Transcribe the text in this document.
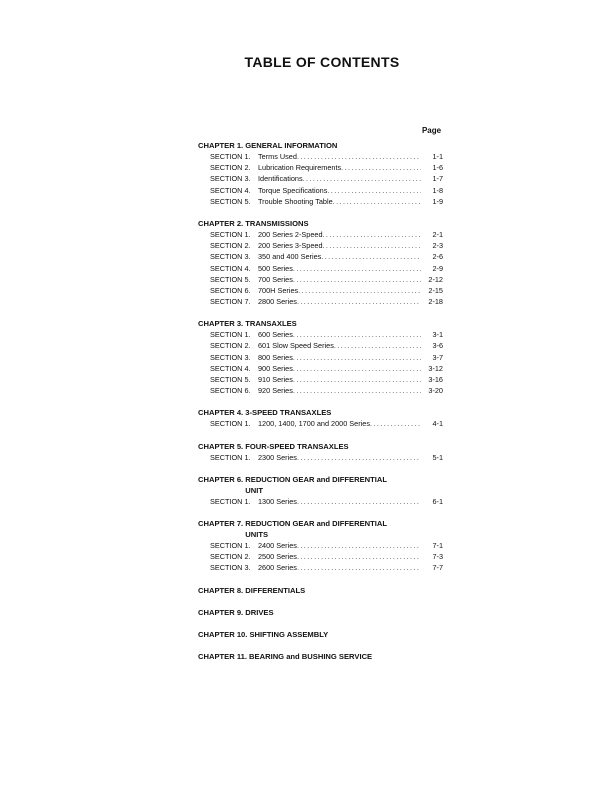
TABLE OF CONTENTS
Page
CHAPTER 1. GENERAL INFORMATION
SECTION 1.	Terms Used .....	1-1
SECTION 2.	Lubrication Requirements .....	1-6
SECTION 3.	Identifications .....	1-7
SECTION 4.	Torque Specifications .....	1-8
SECTION 5.	Trouble Shooting Table .....	1-9
CHAPTER 2. TRANSMISSIONS
SECTION 1.	200 Series 2-Speed .....	2-1
SECTION 2.	200 Series 3-Speed .....	2-3
SECTION 3.	350 and 400 Series .....	2-6
SECTION 4.	500 Series .....	2-9
SECTION 5.	700 Series .....	2-12
SECTION 6.	700H Series .....	2-15
SECTION 7.	2800 Series .....	2-18
CHAPTER 3. TRANSAXLES
SECTION 1.	600 Series .....	3-1
SECTION 2.	601 Slow Speed Series .....	3-6
SECTION 3.	800 Series .....	3-7
SECTION 4.	900 Series .....	3-12
SECTION 5.	910 Series .....	3-16
SECTION 6.	920 Series .....	3-20
CHAPTER 4. 3-SPEED TRANSAXLES
SECTION 1.	1200, 1400, 1700 and 2000 Series .....	4-1
CHAPTER 5. FOUR-SPEED TRANSAXLES
SECTION 1.	2300 Series .....	5-1
CHAPTER 6. REDUCTION GEAR and DIFFERENTIAL UNIT
SECTION 1.	1300 Series .....	6-1
CHAPTER 7. REDUCTION GEAR and DIFFERENTIAL UNITS
SECTION 1.	2400 Series .....	7-1
SECTION 2.	2500 Series .....	7-3
SECTION 3.	2600 Series .....	7-7
CHAPTER 8. DIFFERENTIALS
CHAPTER 9. DRIVES
CHAPTER 10. SHIFTING ASSEMBLY
CHAPTER 11. BEARING and BUSHING SERVICE
